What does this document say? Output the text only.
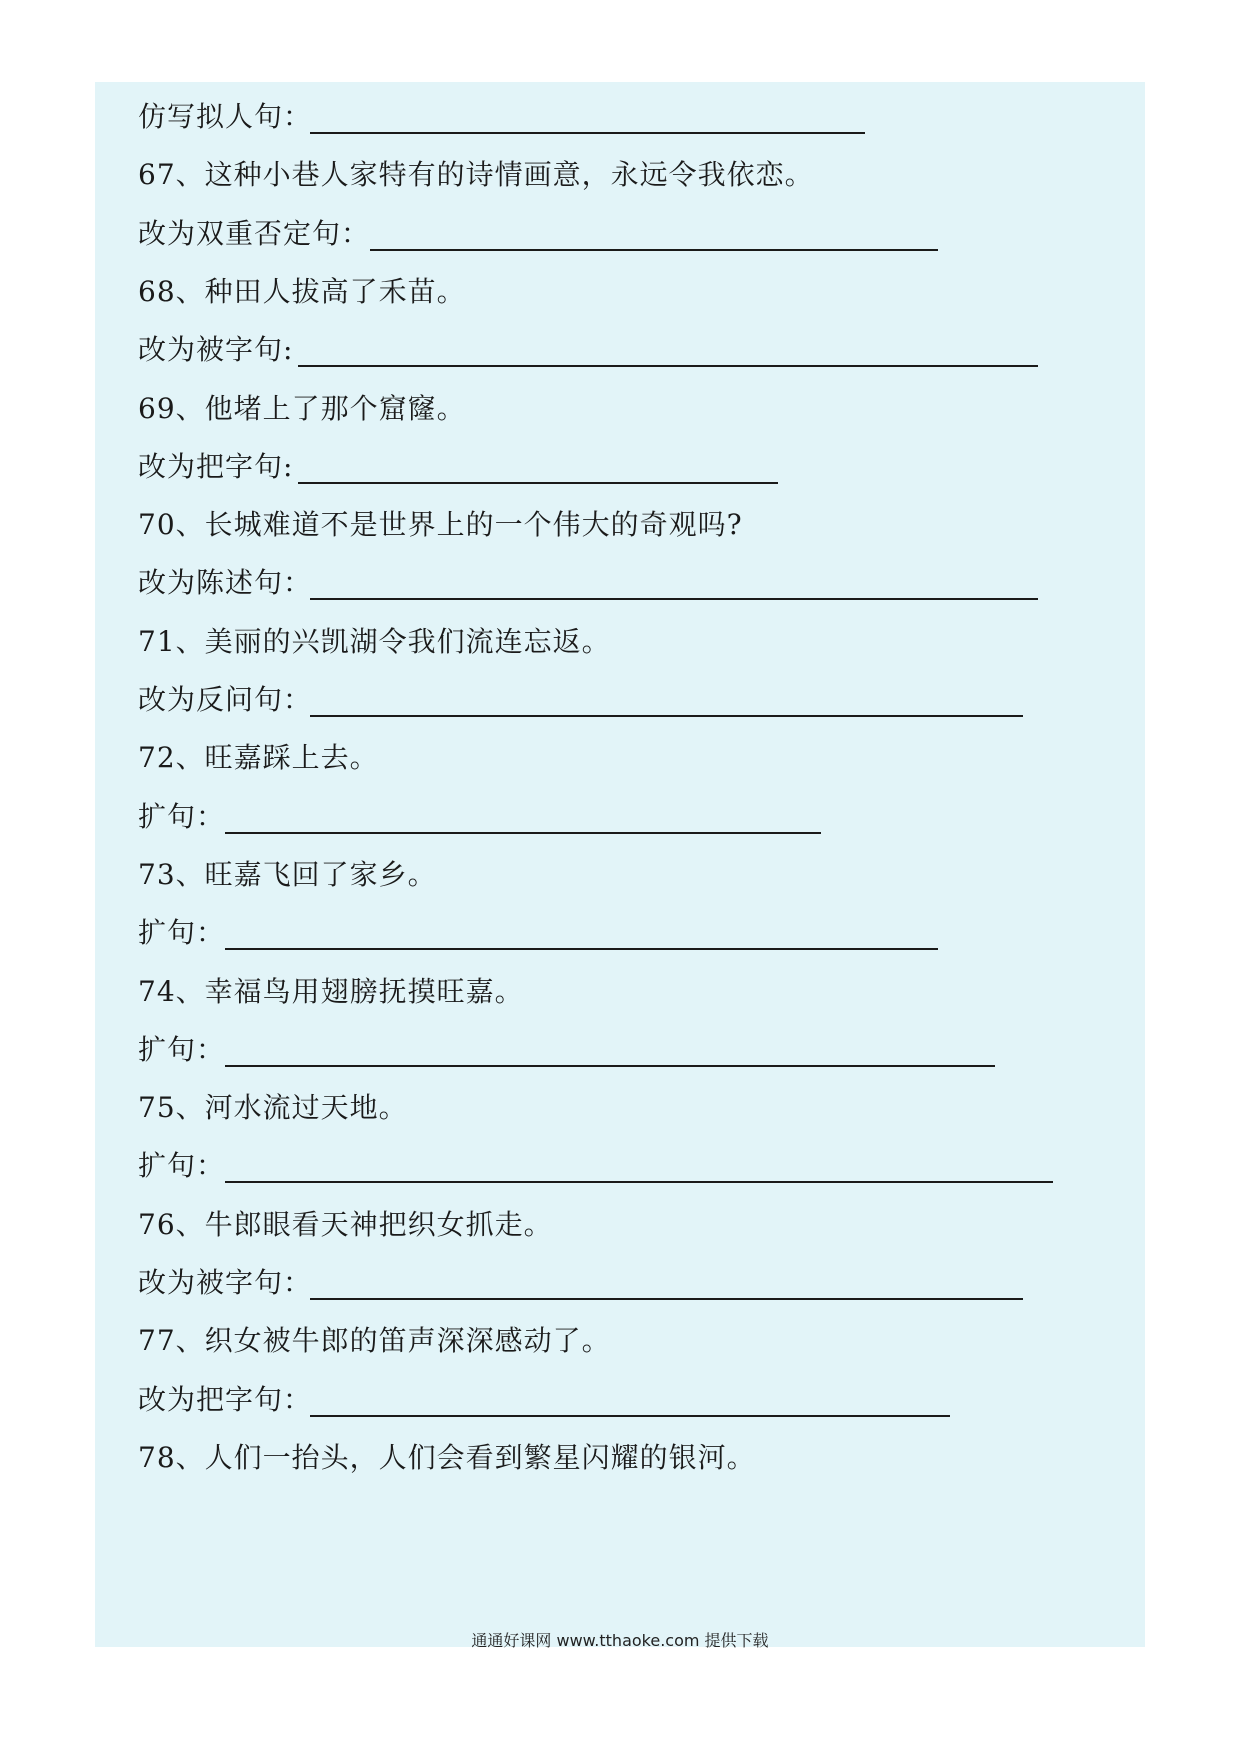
仿写拟人句：
67、这种小巷人家特有的诗情画意，永远令我依恋。
改为双重否定句：
68、种田人拔高了禾苗。
改为被字句:
69、他堵上了那个窟窿。
改为把字句:
70、长城难道不是世界上的一个伟大的奇观吗?
改为陈述句：
71、美丽的兴凯湖令我们流连忘返。
改为反问句：
72、旺嘉踩上去。
扩句：
73、旺嘉飞回了家乡。
扩句：
74、幸福鸟用翅膀抚摸旺嘉。
扩句：
75、河水流过天地。
扩句：
76、牛郎眼看天神把织女抓走。
改为被字句：
77、织女被牛郎的笛声深深感动了。
改为把字句：
78、人们一抬头，人们会看到繁星闪耀的银河。
通通好课网 www.tthaoke.com 提供下载
